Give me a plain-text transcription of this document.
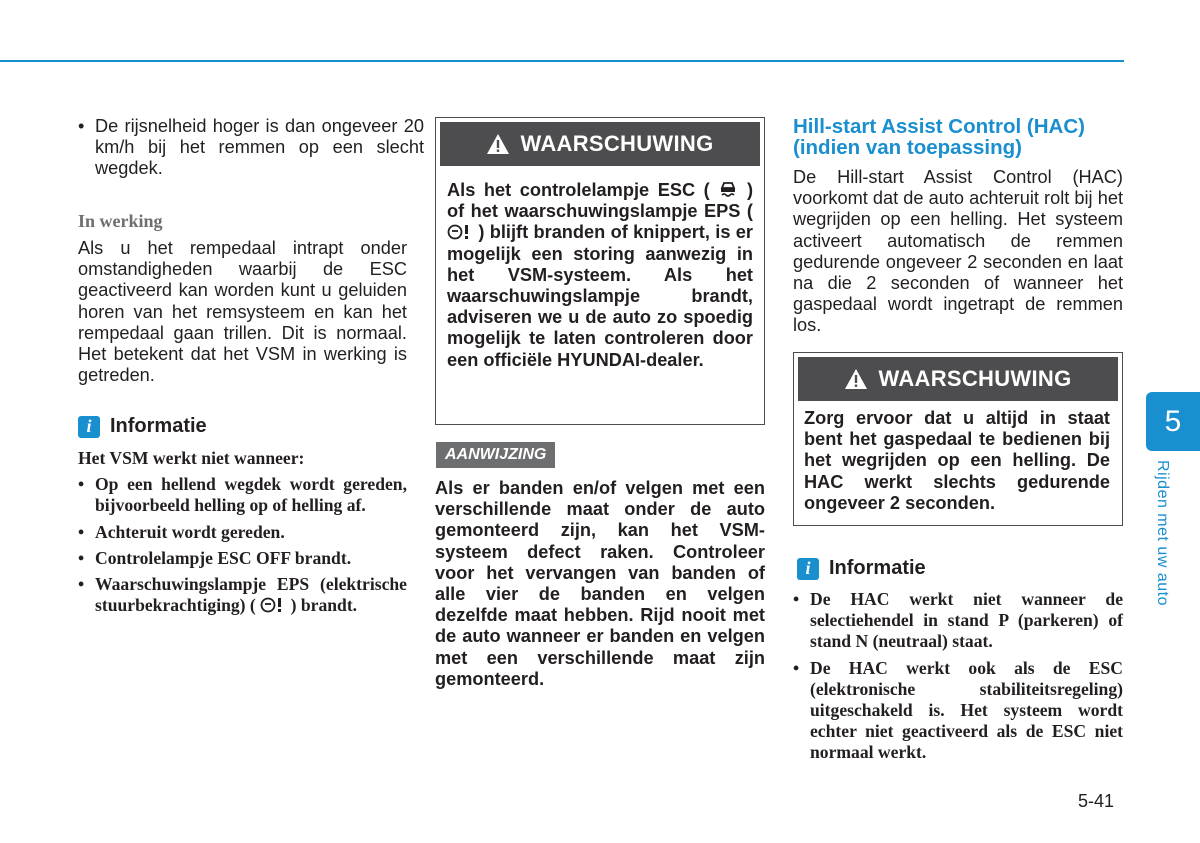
• De rijsnelheid hoger is dan ongeveer 20 km/h bij het remmen op een slecht wegdek.

In werking

Als u het rempedaal intrapt onder omstandigheden waarbij de ESC geactiveerd kan worden kunt u geluiden horen van het remsysteem en kan het rempedaal gaan trillen. Dit is normaal. Het betekent dat het VSM in werking is getreden.

i Informatie
Het VSM werkt niet wanneer:
• Op een hellend wegdek wordt gereden, bijvoorbeeld helling op of helling af.
• Achteruit wordt gereden.
• Controlelampje ESC OFF brandt.
• Waarschuwingslampje EPS (elektrische stuurbekrachtiging) ( ) brandt.
WAARSCHUWING
Als het controlelampje ESC ( ) of het waarschuwingslampje EPS (  ) blijft branden of knippert, is er mogelijk een storing aanwezig in het VSM-systeem. Als het waarschuwingslampje brandt, adviseren we u de auto zo spoedig mogelijk te laten controleren door een officiële HYUNDAI-dealer.
AANWIJZING

Als er banden en/of velgen met een verschillende maat onder de auto gemonteerd zijn, kan het VSM-systeem defect raken. Controleer voor het vervangen van banden of alle vier de banden en velgen dezelfde maat hebben. Rijd nooit met de auto wanneer er banden en velgen met een verschillende maat zijn gemonteerd.

Hill-start Assist Control (HAC) (indien van toepassing)

De Hill-start Assist Control (HAC) voorkomt dat de auto achteruit rolt bij het wegrijden op een helling. Het systeem activeert automatisch de remmen gedurende ongeveer 2 seconden en laat na die 2 seconden of wanneer het gaspedaal wordt ingetrapt de remmen los.

WAARSCHUWING
Zorg ervoor dat u altijd in staat bent het gaspedaal te bedienen bij het wegrijden op een helling. De HAC werkt slechts gedurende ongeveer 2 seconden.
i Informatie
• De HAC werkt niet wanneer de selectiehendel in stand P (parkeren) of stand N (neutraal) staat.
• De HAC werkt ook als de ESC (elektronische stabiliteitsregeling) uitgeschakeld is. Het systeem wordt echter niet geactiveerd als de ESC niet normaal werkt.
5
Rijden met uw auto
5-41
